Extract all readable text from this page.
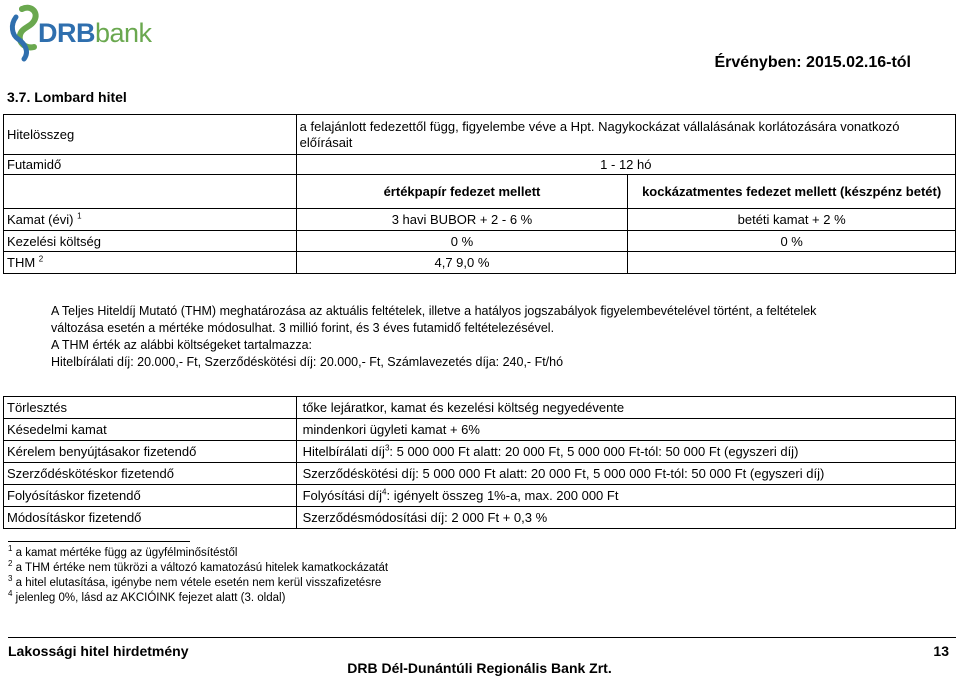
DRBbank
Érvényben: 2015.02.16-tól
3.7. Lombard hitel
Hitelösszeg	a felajánlott fedezettől függ, figyelembe véve a Hpt. Nagykockázat vállalásának korlátozására vonatkozó előírásait	
Futamidő	1 - 12 hó	
	értékpapír fedezet mellett	kockázatmentes fedezet mellett (készpénz betét)
Kamat (évi) $^1$	3 havi BUBOR + 2 - 6 %	betéti kamat + 2 %
Kezelési költség	0 %	0 %
THM $^2$	4,7 9,0 %	
A Teljes Hiteldíj Mutató (THM) meghatározása az aktuális feltételek, illetve a hatályos jogszabályok figyelembevételével történt, a feltételek
változása esetén a mértéke módosulhat. 3 millió forint, és 3 éves futamidő feltételezésével.
A THM érték az alábbi költségeket tartalmazza:
Hitelbírálati díj: 20.000,- Ft, Szerződéskötési díj: 20.000,- Ft, Számlavezetés díja: 240,- Ft/hó
Törlesztés	tőke lejáratkor, kamat és kezelési költség negyedévente
Késedelmi kamat	mindenkori ügyleti kamat + 6%
Kérelem benyújtásakor fizetendő	Hitelbírálati díj$^3$: 5 000 000 Ft alatt: 20 000 Ft, 5 000 000 Ft-tól: 50 000 Ft (egyszeri díj)
Szerződéskötéskor fizetendő	Szerződéskötési díj: 5 000 000 Ft alatt: 20 000 Ft, 5 000 000 Ft-tól: 50 000 Ft (egyszeri díj)
Folyósításkor fizetendő	Folyósítási díj$^4$: igényelt összeg 1%-a, max. 200 000 Ft
Módosításkor fizetendő	Szerződésmódosítási díj: 2 000 Ft + 0,3 %
$^1$ a kamat mértéke függ az ügyfélminősítéstől
$^2$ a THM értéke nem tükrözi a változó kamatozású hitelek kamatkockázatát
$^3$ a hitel elutasítása, igénybe nem vétele esetén nem kerül visszafizetésre
$^4$ jelenleg 0%, lásd az AKCIÓINK fejezet alatt (3. oldal)
Lakossági hitel hirdetmény	13
DRB Dél-Dunántúli Regionális Bank Zrt.
